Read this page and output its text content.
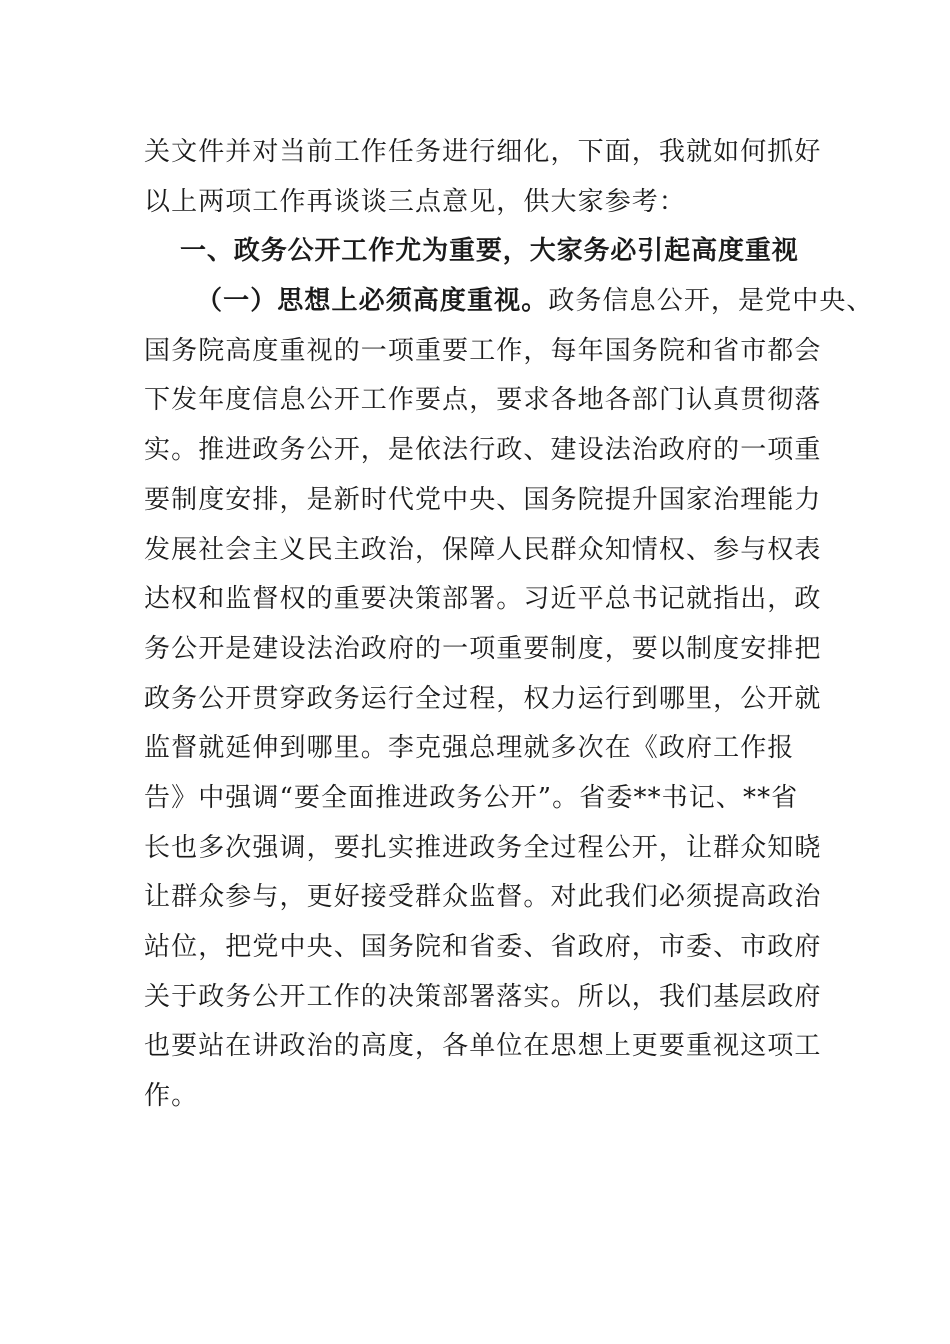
关文件并对当前工作任务进行细化，下面，我就如何抓好
以上两项工作再谈谈三点意见，供大家参考：
一、政务公开工作尤为重要，大家务必引起高度重视
（一）思想上必须高度重视。政务信息公开，是党中央、
国务院高度重视的一项重要工作，每年国务院和省市都会
下发年度信息公开工作要点，要求各地各部门认真贯彻落
实。推进政务公开，是依法行政、建设法治政府的一项重
要制度安排，是新时代党中央、国务院提升国家治理能力
发展社会主义民主政治，保障人民群众知情权、参与权表
达权和监督权的重要决策部署。习近平总书记就指出，政
务公开是建设法治政府的一项重要制度，要以制度安排把
政务公开贯穿政务运行全过程，权力运行到哪里，公开就
监督就延伸到哪里。李克强总理就多次在《政府工作报
告》中强调“要全面推进政务公开”。省委**书记、**省
长也多次强调，要扎实推进政务全过程公开，让群众知晓
让群众参与，更好接受群众监督。对此我们必须提高政治
站位，把党中央、国务院和省委、省政府，市委、市政府
关于政务公开工作的决策部署落实。所以，我们基层政府
也要站在讲政治的高度，各单位在思想上更要重视这项工
作。
